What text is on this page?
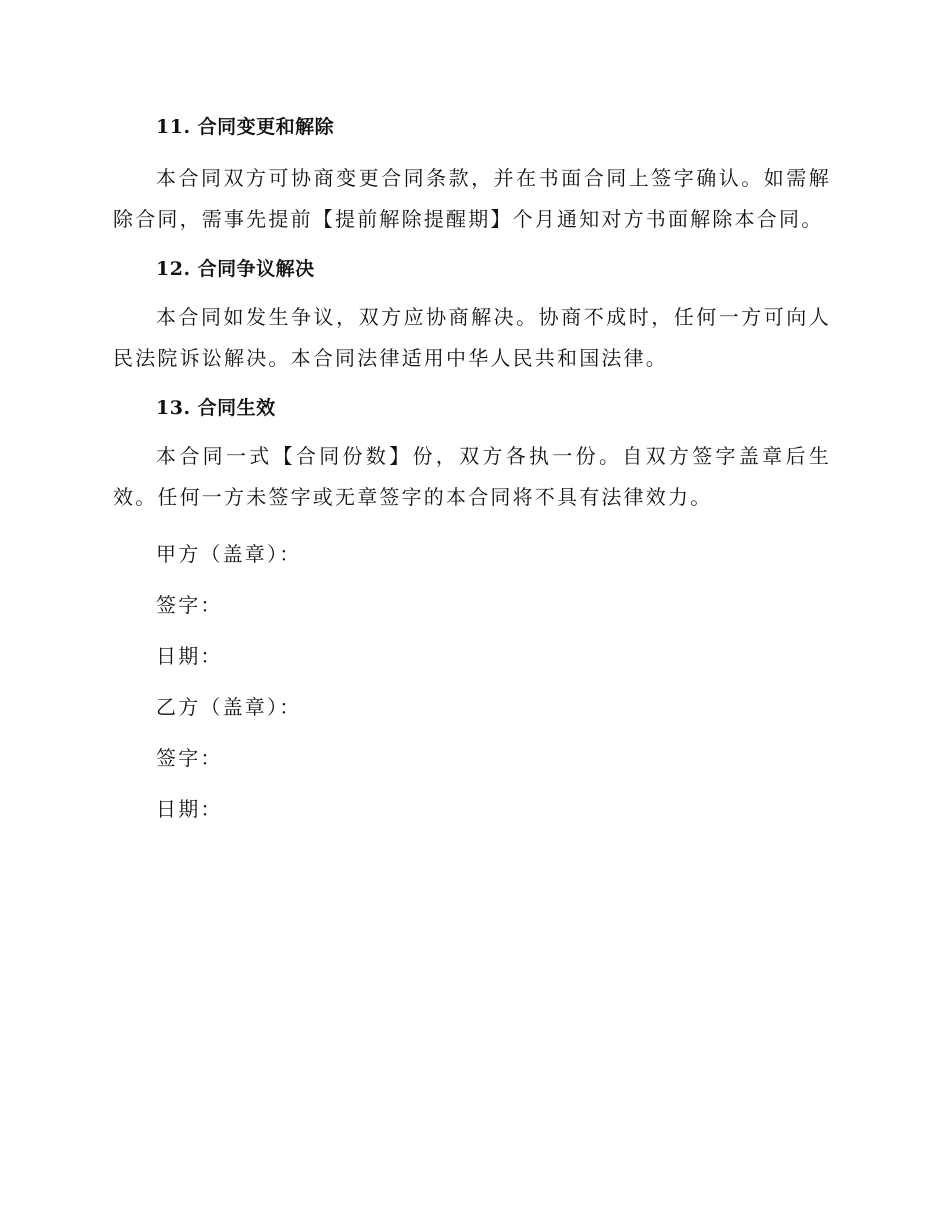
11. 合同变更和解除

本合同双方可协商变更合同条款，并在书面合同上签字确认。如需解除合同，需事先提前【提前解除提醒期】个月通知对方书面解除本合同。

12. 合同争议解决

本合同如发生争议，双方应协商解决。协商不成时，任何一方可向人民法院诉讼解决。本合同法律适用中华人民共和国法律。

13. 合同生效

本合同一式【合同份数】份，双方各执一份。自双方签字盖章后生效。任何一方未签字或无章签字的本合同将不具有法律效力。

甲方（盖章）：

签字：

日期：

乙方（盖章）：

签字：

日期：
